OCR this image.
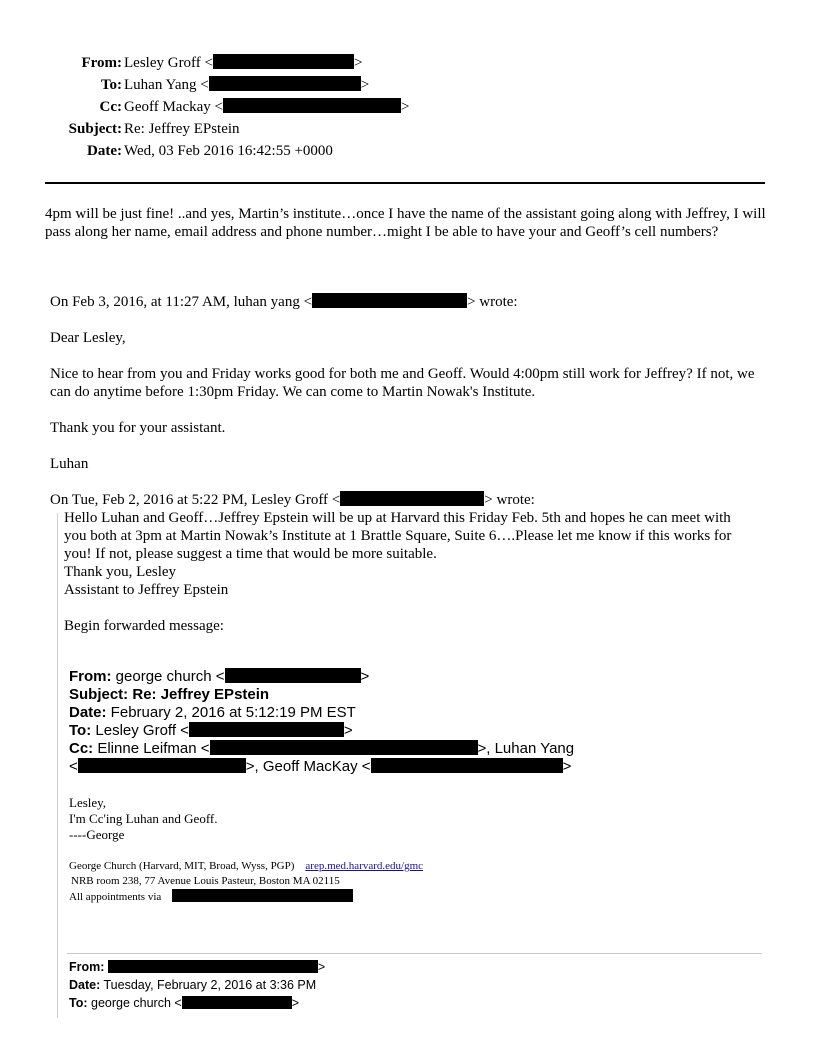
From: Lesley Groff <	>
To: Luhan Yang <	>
Cc: Geoff Mackay <	>
Subject: Re: Jeffrey EPstein
Date: Wed, 03 Feb 2016 16:42:55 +0000
4pm will be just fine! ..and yes, Martin’s institute…once I have the name of the assistant going along with Jeffrey, I will pass along her name, email address and phone number…might I be able to have your and Geoff’s cell numbers?
On Feb 3, 2016, at 11:27 AM, luhan yang <	> wrote:
Dear Lesley,
Nice to hear from you and Friday works good for both me and Geoff. Would 4:00pm still work for Jeffrey? If not, we can do anytime before 1:30pm Friday. We can come to Martin Nowak's Institute.
Thank you for your assistant.
Luhan
On Tue, Feb 2, 2016 at 5:22 PM, Lesley Groff <	> wrote:
Hello Luhan and Geoff…Jeffrey Epstein will be up at Harvard this Friday Feb. 5th and hopes he can meet with you both at 3pm at Martin Nowak’s Institute at 1 Brattle Square, Suite 6….Please let me know if this works for you! If not, please suggest a time that would be more suitable.
Thank you, Lesley
Assistant to Jeffrey Epstein
Begin forwarded message:
From: george church <	>
Subject: Re: Jeffrey EPstein
Date: February 2, 2016 at 5:12:19 PM EST
To: Lesley Groff <	>
Cc: Elinne Leifman <	>, Luhan Yang
<	>, Geoff MacKay <	>
Lesley,
I'm Cc'ing Luhan and Geoff.
----George
George Church (Harvard, MIT, Broad, Wyss, PGP) arep.med.harvard.edu/gmc
NRB room 238, 77 Avenue Louis Pasteur, Boston MA 02115
All appointments via
From:	>
Date: Tuesday, February 2, 2016 at 3:36 PM
To: george church <	>
